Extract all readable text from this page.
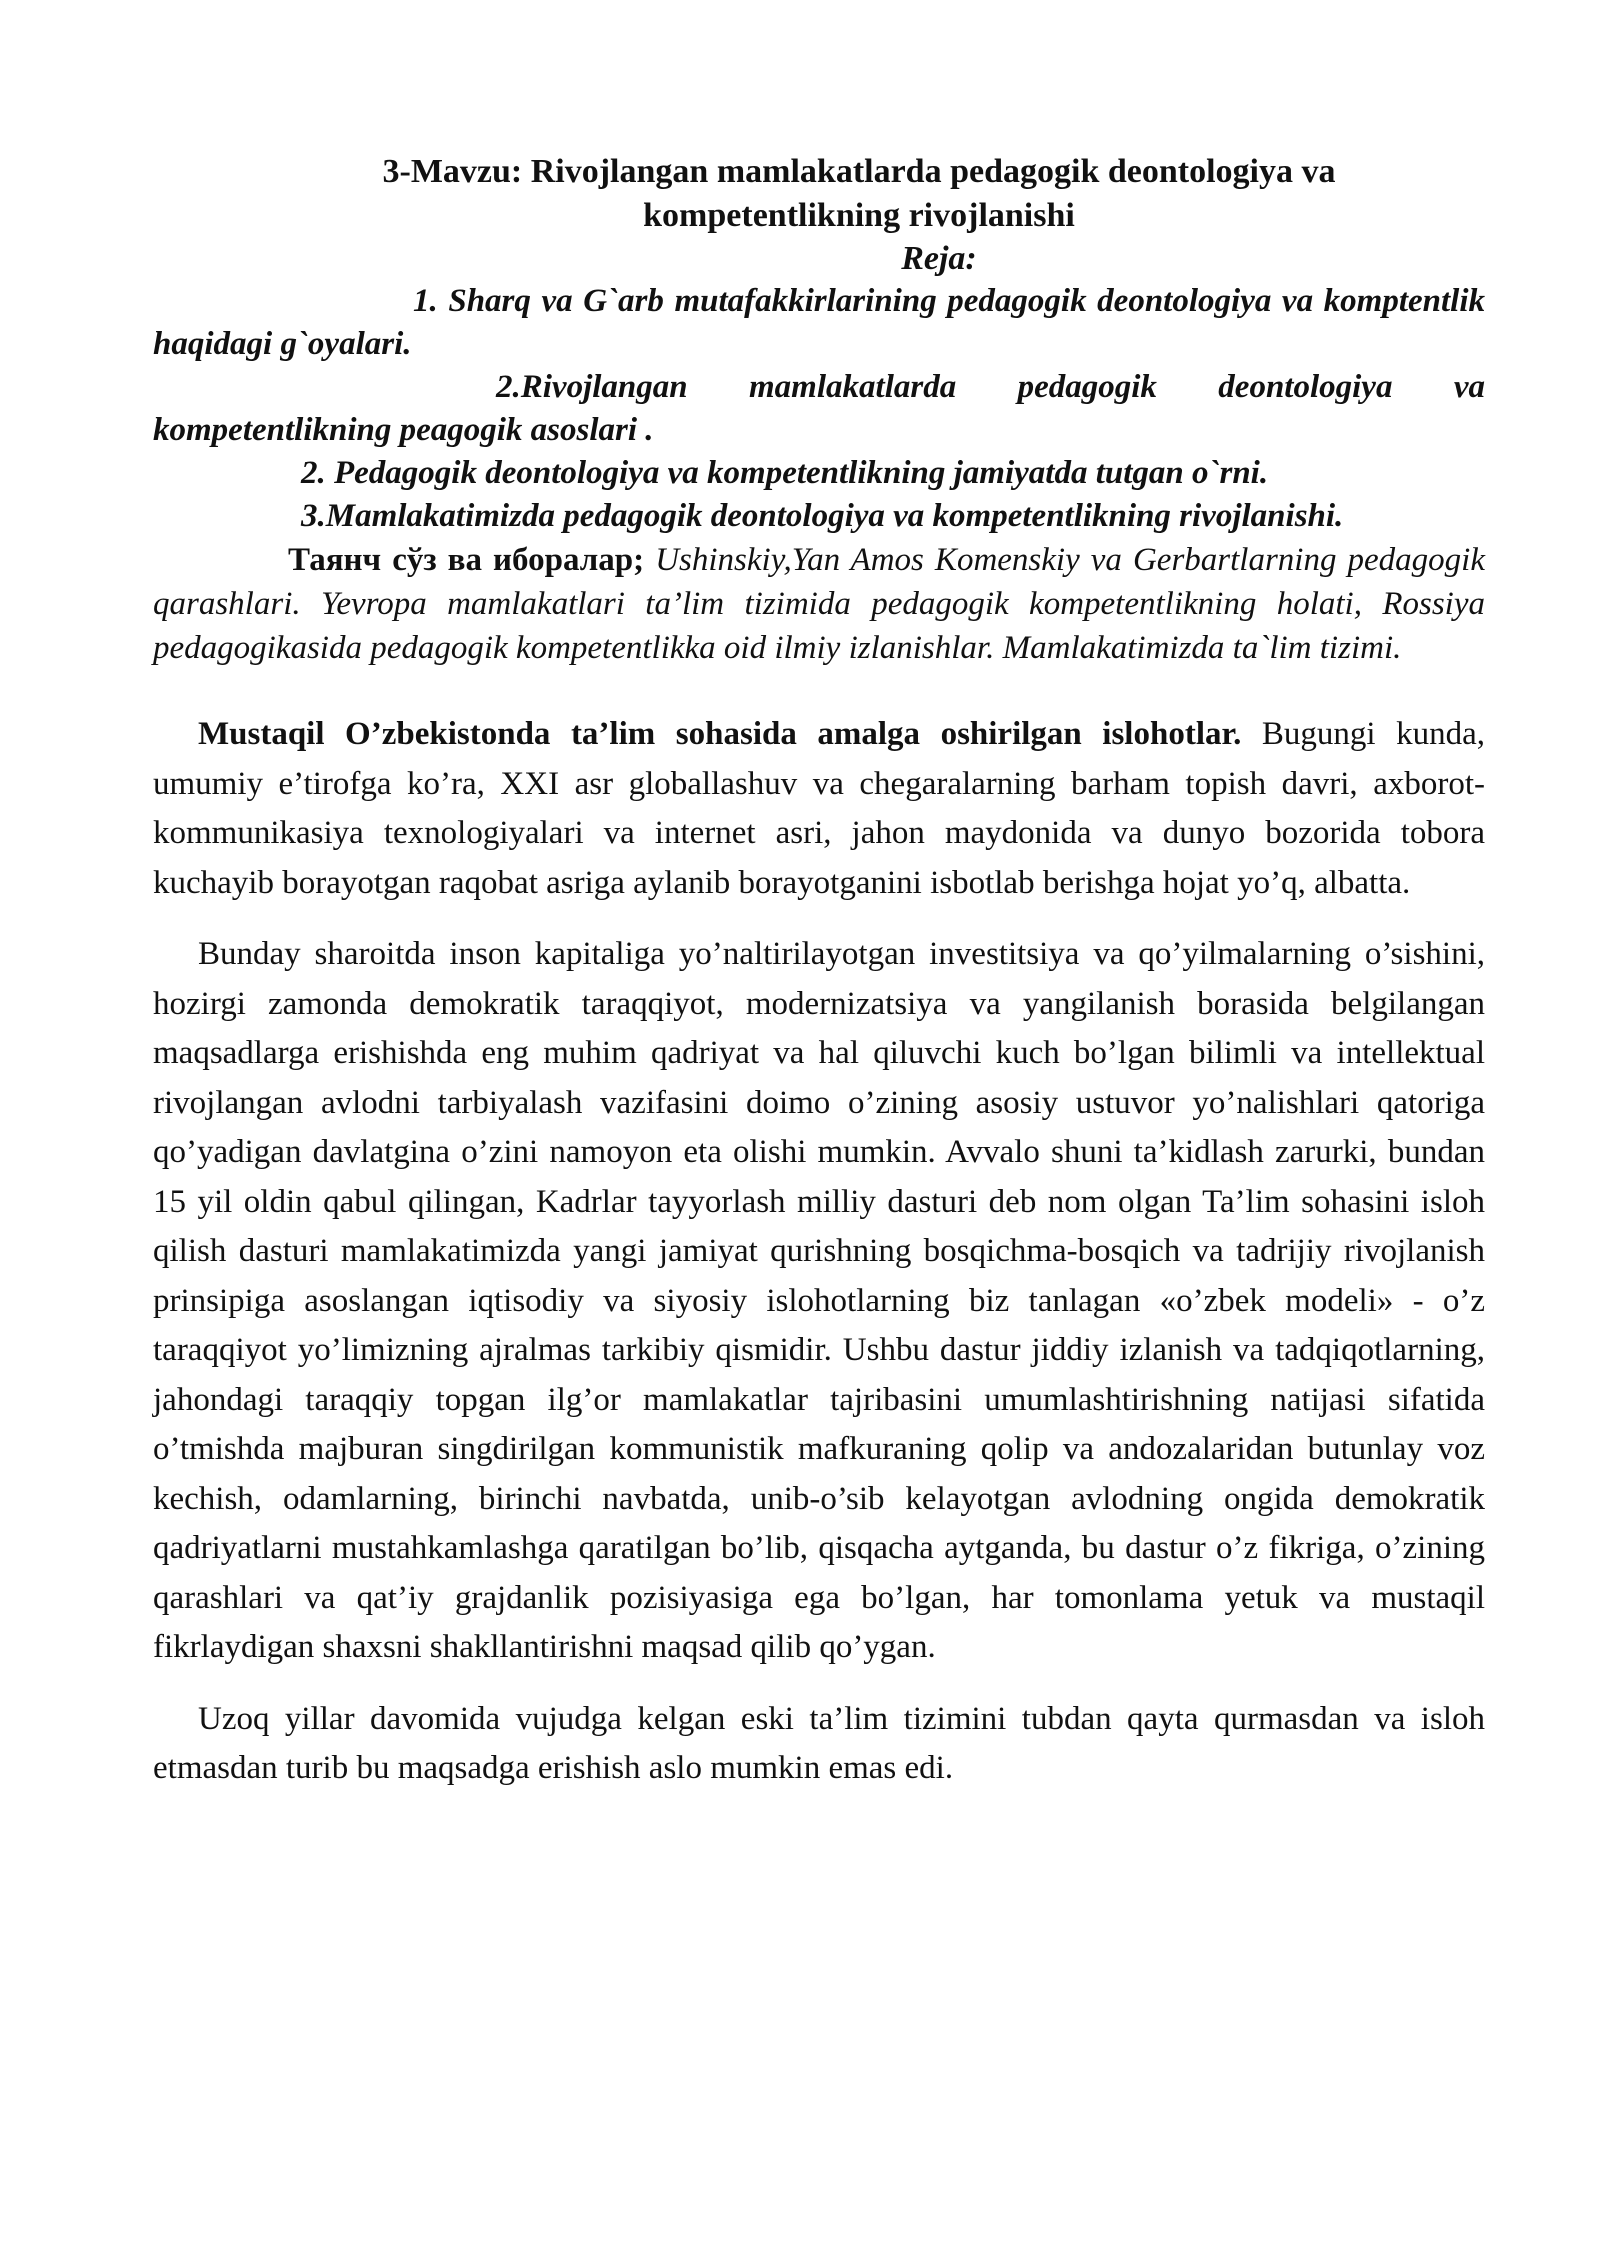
3-Mavzu: Rivojlangan mamlakatlarda pedagogik deontologiya va
kompetentlikning rivojlanishi

Reja:

1. Sharq va G`arb mutafakkirlarining pedagogik deontologiya va komptentlik haqidagi g`oyalari.

2.Rivojlangan mamlakatlarda pedagogik deontologiya va kompetentlikning peagogik asoslari .

2. Pedagogik deontologiya va kompetentlikning jamiyatda tutgan o`rni.

3.Mamlakatimizda pedagogik deontologiya va kompetentlikning rivojlanishi.

Таянч сўз ва иборалар; Ushinskiy,Yan Amos Komenskiy va Gerbartlarning pedagogik qarashlari. Yevropa mamlakatlari ta’lim tizimida pedagogik kompetentlikning holati, Rossiya pedagogikasida pedagogik kompetentlikka oid ilmiy izlanishlar. Mamlakatimizda ta`lim tizimi.

Mustaqil O’zbekistonda ta’lim sohasida amalga oshirilgan islohotlar. Bugungi kunda, umumiy e’tirofga ko’ra, XXI asr globallashuv va chegaralarning barham topish davri, axborot-kommunikasiya texnologiyalari va internet asri, jahon maydonida va dunyo bozorida tobora kuchayib borayotgan raqobat asriga aylanib borayotganini isbotlab berishga hojat yo’q, albatta.

Bunday sharoitda inson kapitaliga yo’naltirilayotgan investitsiya va qo’yilmalarning o’sishini, hozirgi zamonda demokratik taraqqiyot, modernizatsiya va yangilanish borasida belgilangan maqsadlarga erishishda eng muhim qadriyat va hal qiluvchi kuch bo’lgan bilimli va intellektual rivojlangan avlodni tarbiyalash vazifasini doimo o’zining asosiy ustuvor yo’nalishlari qatoriga qo’yadigan davlatgina o’zini namoyon eta olishi mumkin. Avvalo shuni ta’kidlash zarurki, bundan 15 yil oldin qabul qilingan, Kadrlar tayyorlash milliy dasturi deb nom olgan Ta’lim sohasini isloh qilish dasturi mamlakatimizda yangi jamiyat qurishning bosqichma-bosqich va tadrijiy rivojlanish prinsipiga asoslangan iqtisodiy va siyosiy islohotlarning biz tanlagan «o’zbek modeli» - o’z taraqqiyot yo’limizning ajralmas tarkibiy qismidir. Ushbu dastur jiddiy izlanish va tadqiqotlarning, jahondagi taraqqiy topgan ilg’or mamlakatlar tajribasini umumlashtirishning natijasi sifatida o’tmishda majburan singdirilgan kommunistik mafkuraning qolip va andozalaridan butunlay voz kechish, odamlarning, birinchi navbatda, unib-o’sib kelayotgan avlodning ongida demokratik qadriyatlarni mustahkamlashga qaratilgan bo’lib, qisqacha aytganda, bu dastur o’z fikriga, o’zining qarashlari va qat’iy grajdanlik pozisiyasiga ega bo’lgan, har tomonlama yetuk va mustaqil fikrlaydigan shaxsni shakllantirishni maqsad qilib qo’ygan.

Uzoq yillar davomida vujudga kelgan eski ta’lim tizimini tubdan qayta qurmasdan va isloh etmasdan turib bu maqsadga erishish aslo mumkin emas edi.
